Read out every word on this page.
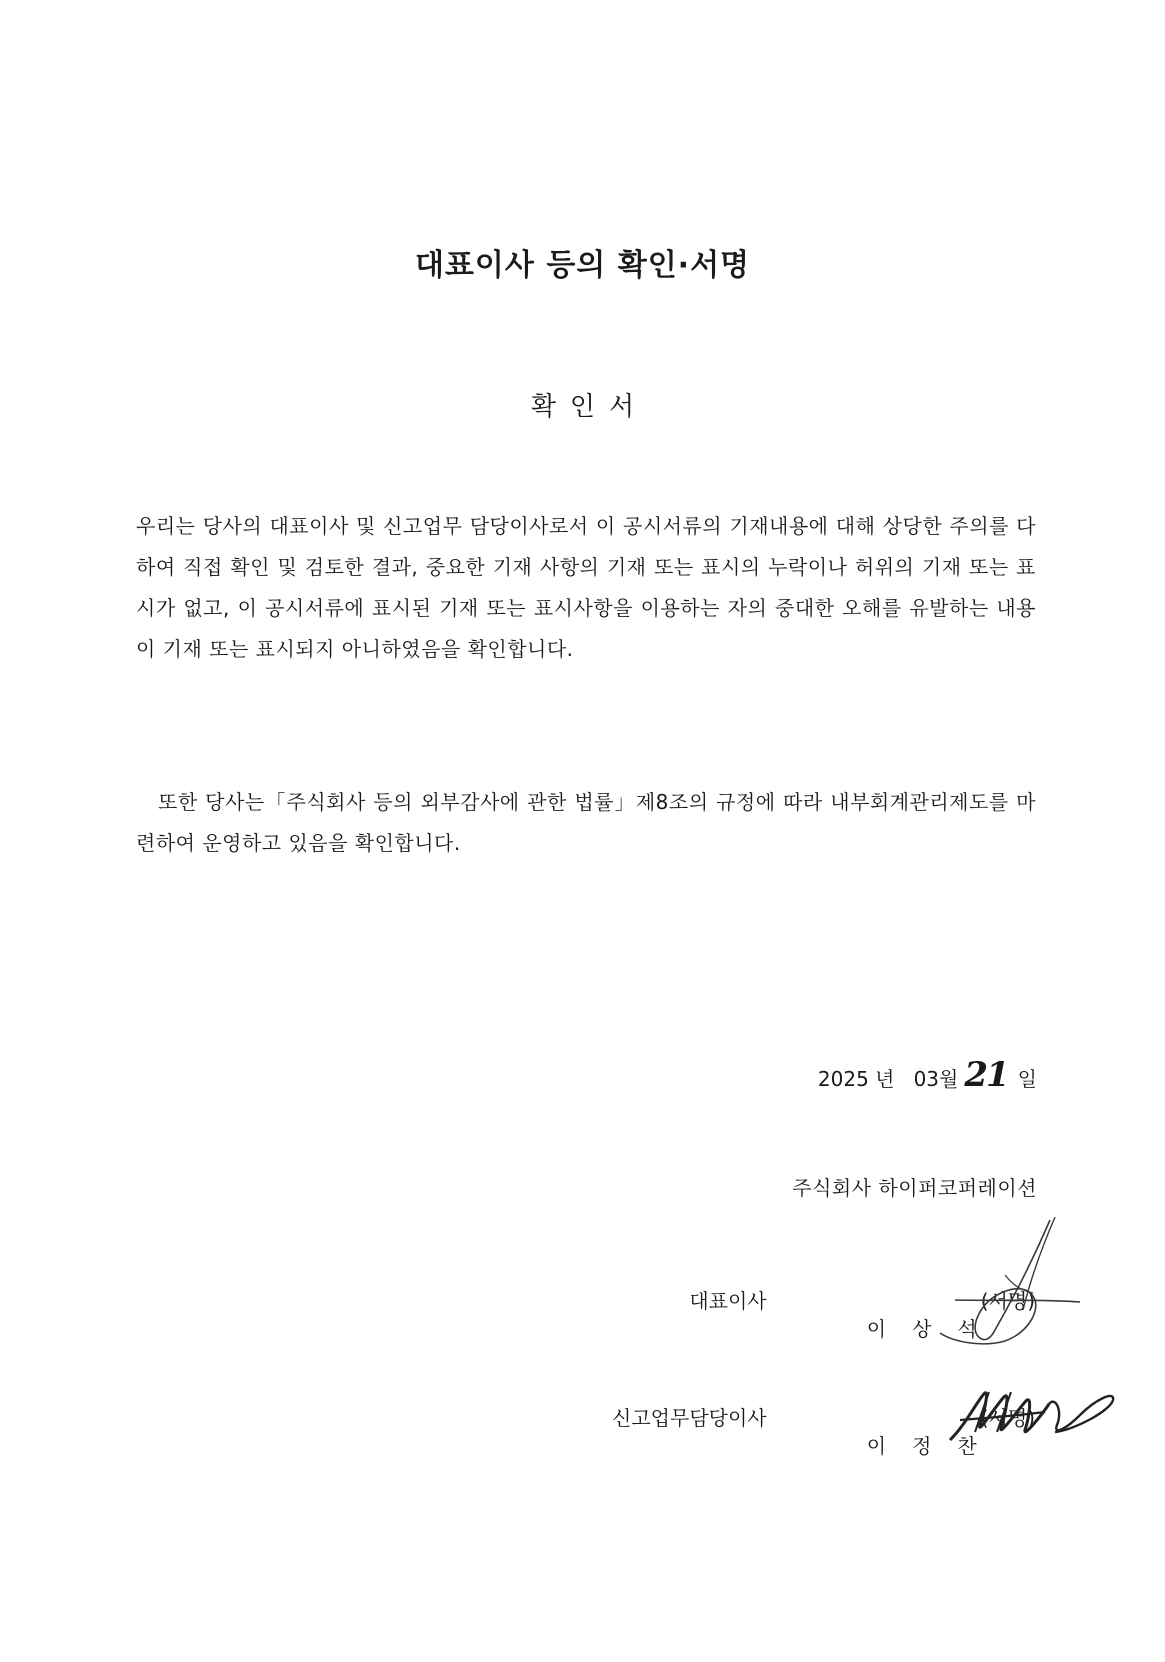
대표이사 등의 확인·서명
확인서

우리는 당사의 대표이사 및 신고업무 담당이사로서 이 공시서류의 기재내용에 대해 상당한 주의를 다하여 직접 확인 및 검토한 결과, 중요한 기재 사항의 기재 또는 표시의 누락이나 허위의 기재 또는 표시가 없고, 이 공시서류에 표시된 기재 또는 표시사항을 이용하는 자의 중대한 오해를 유발하는 내용이 기재 또는 표시되지 아니하였음을 확인합니다.

또한 당사는「주식회사 등의 외부감사에 관한 법률」제8조의 규정에 따라 내부회계관리제도를 마련하여 운영하고 있음을 확인합니다.

2025
년
03 월 21 일
주식회사 하이퍼코퍼레이션
대표이사

이 상 석

(서명)
신고업무담당이사

이 정 찬

(서명)
